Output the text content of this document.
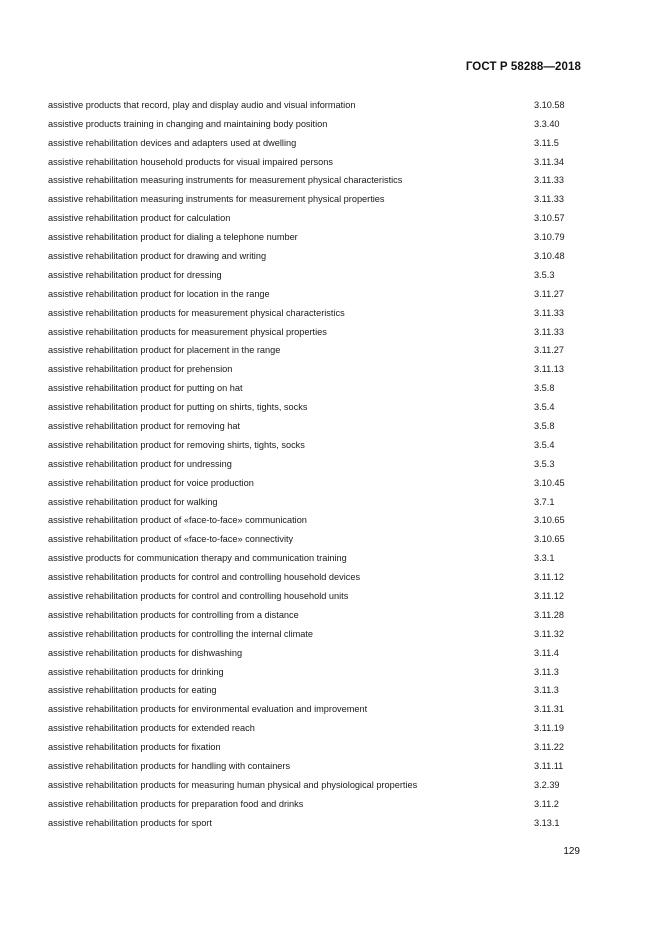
ГОСТ Р 58288—2018
assistive products that record, play and display audio and visual information	3.10.58
assistive products training in changing and maintaining body position	3.3.40
assistive rehabilitation devices and adapters used at dwelling	3.11.5
assistive rehabilitation household products for visual impaired persons	3.11.34
assistive rehabilitation measuring instruments for measurement physical characteristics	3.11.33
assistive rehabilitation measuring instruments for measurement physical properties	3.11.33
assistive rehabilitation product for calculation	3.10.57
assistive rehabilitation product for dialing a telephone number	3.10.79
assistive rehabilitation product for drawing and writing	3.10.48
assistive rehabilitation product for dressing	3.5.3
assistive rehabilitation product for location in the range	3.11.27
assistive rehabilitation products for measurement physical characteristics	3.11.33
assistive rehabilitation products for measurement physical properties	3.11.33
assistive rehabilitation product for placement in the range	3.11.27
assistive rehabilitation product for prehension	3.11.13
assistive rehabilitation product for putting on hat	3.5.8
assistive rehabilitation product for putting on shirts, tights, socks	3.5.4
assistive rehabilitation product for removing hat	3.5.8
assistive rehabilitation product for removing shirts, tights, socks	3.5.4
assistive rehabilitation product for undressing	3.5.3
assistive rehabilitation product for voice production	3.10.45
assistive rehabilitation product for walking	3.7.1
assistive rehabilitation product of «face-to-face» communication	3.10.65
assistive rehabilitation product of «face-to-face» connectivity	3.10.65
assistive products for communication therapy and communication training	3.3.1
assistive rehabilitation products for control and controlling household devices	3.11.12
assistive rehabilitation products for control and controlling household units	3.11.12
assistive rehabilitation products for controlling from a distance	3.11.28
assistive rehabilitation products for controlling the internal climate	3.11.32
assistive rehabilitation products for dishwashing	3.11.4
assistive rehabilitation products for drinking	3.11.3
assistive rehabilitation products for eating	3.11.3
assistive rehabilitation products for environmental evaluation and improvement	3.11.31
assistive rehabilitation products for extended reach	3.11.19
assistive rehabilitation products for fixation	3.11.22
assistive rehabilitation products for handling with containers	3.11.11
assistive rehabilitation products for measuring human physical and physiological properties	3.2.39
assistive rehabilitation products for preparation food and drinks	3.11.2
assistive rehabilitation products for sport	3.13.1
129
